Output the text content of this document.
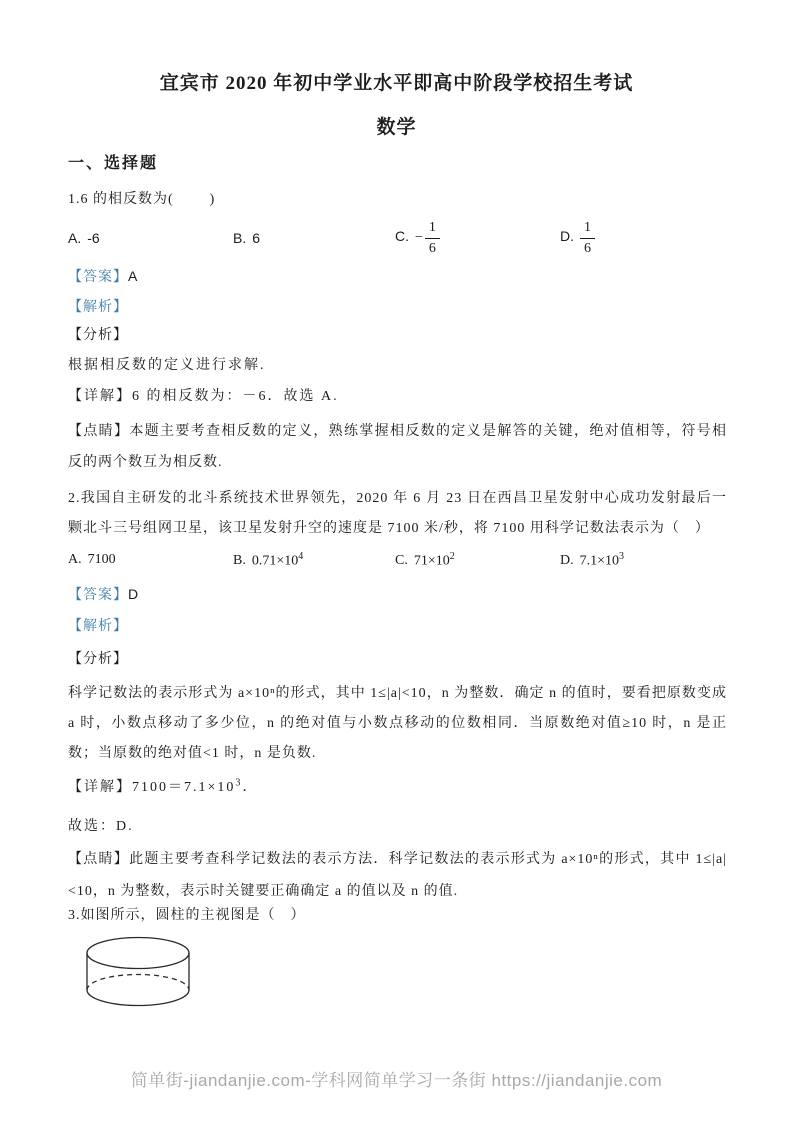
宜宾市 2020 年初中学业水平即高中阶段学校招生考试
数学
一、选择题
1.6 的相反数为(        )
A. -6	B. 6	C. − $\frac{1}{6}$	D. $\frac{1}{6}$
【答案】A
【解析】
【分析】
根据相反数的定义进行求解.
【详解】6 的相反数为：－6．故选 A.
【点睛】本题主要考查相反数的定义，熟练掌握相反数的定义是解答的关键，绝对值相等，符号相反的两个数互为相反数.
2.我国自主研发的北斗系统技术世界领先，2020 年 6 月 23 日在西昌卫星发射中心成功发射最后一颗北斗三号组网卫星，该卫星发射升空的速度是 7100 米/秒，将 7100 用科学记数法表示为（　）
A. 7100	B. $0.71\times 10^4$	C. $71\times 10^2$	D. $7.1\times 10^3$
【答案】D
【解析】
【分析】
科学记数法的表示形式为 a×10ⁿ的形式，其中 1≤|a|<10，n 为整数．确定 n 的值时，要看把原数变成 a 时，小数点移动了多少位，n 的绝对值与小数点移动的位数相同．当原数绝对值≥10 时，n 是正数；当原数的绝对值<1 时，n 是负数.
【详解】$7100=7.1\times 10^3$．
故选：D.
【点睛】此题主要考查科学记数法的表示方法．科学记数法的表示形式为 a×10ⁿ的形式，其中 1≤|a|<10，n 为整数，表示时关键要正确确定 a 的值以及 n 的值.
3.如图所示，圆柱的主视图是（　）
简单街-jiandanjie.com-学科网简单学习一条街 https://jiandanjie.com
